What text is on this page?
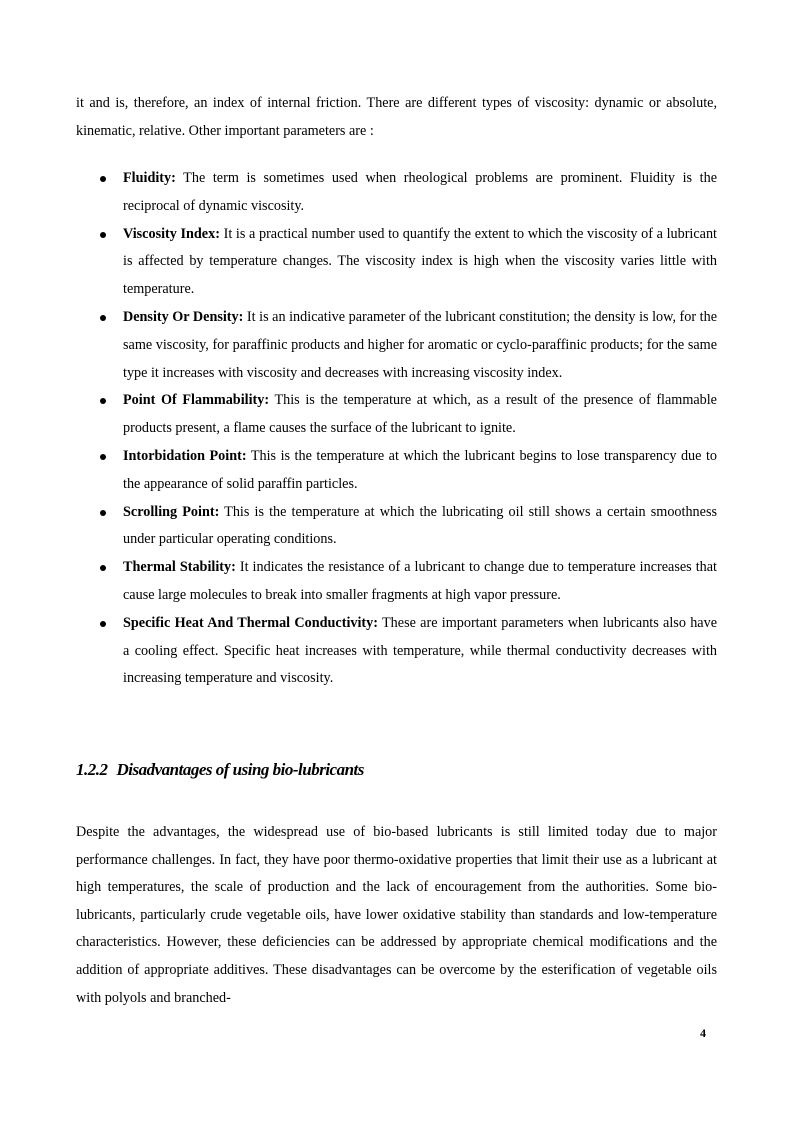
it and is, therefore, an index of internal friction. There are different types of viscosity: dynamic or absolute, kinematic, relative. Other important parameters are :

Fluidity: The term is sometimes used when rheological problems are prominent. Fluidity is the reciprocal of dynamic viscosity.
Viscosity Index: It is a practical number used to quantify the extent to which the viscosity of a lubricant is affected by temperature changes. The viscosity index is high when the viscosity varies little with temperature.
Density Or Density: It is an indicative parameter of the lubricant constitution; the density is low, for the same viscosity, for paraffinic products and higher for aromatic or cyclo-paraffinic products; for the same type it increases with viscosity and decreases with increasing viscosity index.
Point Of Flammability: This is the temperature at which, as a result of the presence of flammable products present, a flame causes the surface of the lubricant to ignite.
Intorbidation Point: This is the temperature at which the lubricant begins to lose transparency due to the appearance of solid paraffin particles.
Scrolling Point: This is the temperature at which the lubricating oil still shows a certain smoothness under particular operating conditions.
Thermal Stability: It indicates the resistance of a lubricant to change due to temperature increases that cause large molecules to break into smaller fragments at high vapor pressure.
Specific Heat And Thermal Conductivity: These are important parameters when lubricants also have a cooling effect. Specific heat increases with temperature, while thermal conductivity decreases with increasing temperature and viscosity.
1.2.2 Disadvantages of using bio-lubricants

Despite the advantages, the widespread use of bio-based lubricants is still limited today due to major performance challenges. In fact, they have poor thermo-oxidative properties that limit their use as a lubricant at high temperatures, the scale of production and the lack of encouragement from the authorities. Some bio-lubricants, particularly crude vegetable oils, have lower oxidative stability than standards and low-temperature characteristics. However, these deficiencies can be addressed by appropriate chemical modifications and the addition of appropriate additives. These disadvantages can be overcome by the esterification of vegetable oils with polyols and branched-

4
